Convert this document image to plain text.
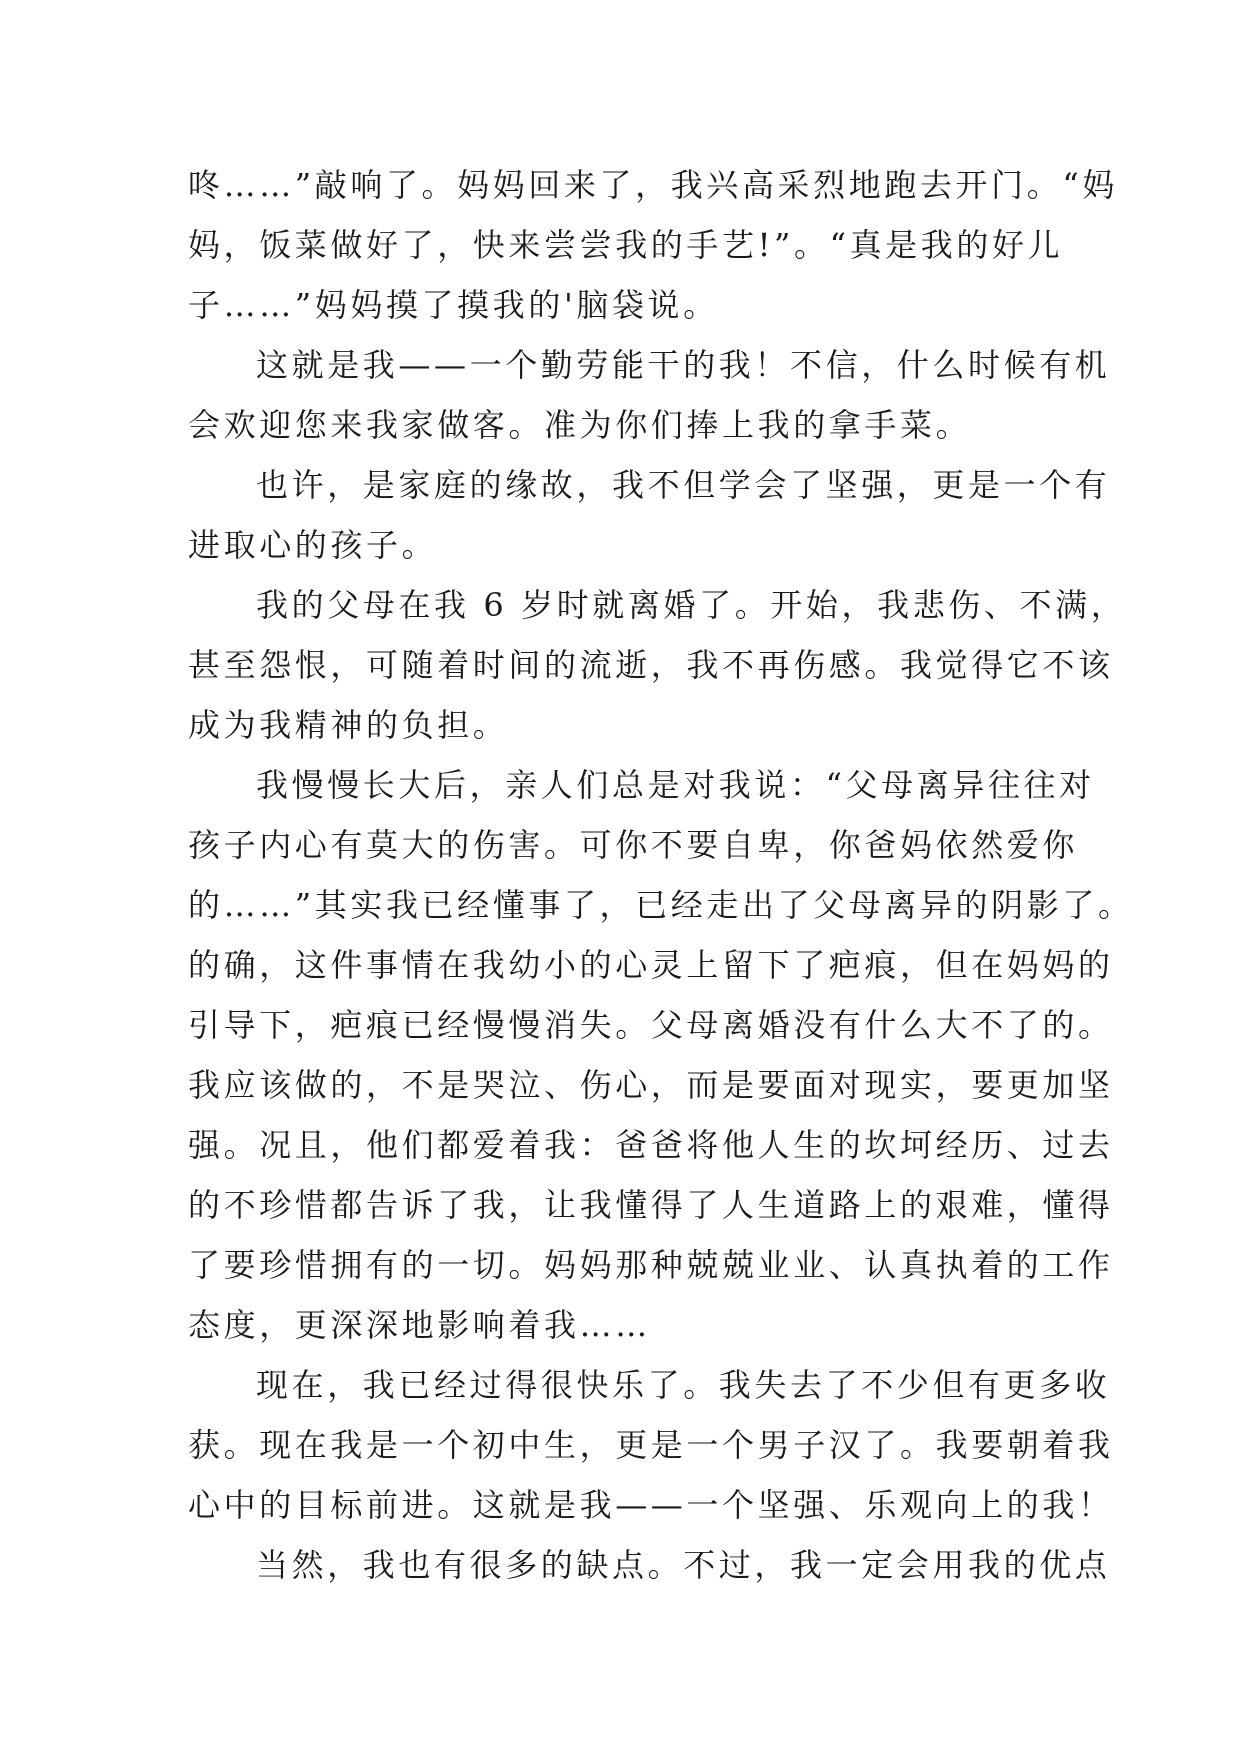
咚……”敲响了。妈妈回来了，我兴高采烈地跑去开门。“妈
妈，饭菜做好了，快来尝尝我的手艺!”。“真是我的好儿
子……”妈妈摸了摸我的'脑袋说。
这就是我——一个勤劳能干的我！不信，什么时候有机
会欢迎您来我家做客。准为你们捧上我的拿手菜。
也许，是家庭的缘故，我不但学会了坚强，更是一个有
进取心的孩子。
我的父母在我 6 岁时就离婚了。开始，我悲伤、不满，
甚至怨恨，可随着时间的流逝，我不再伤感。我觉得它不该
成为我精神的负担。
我慢慢长大后，亲人们总是对我说：“父母离异往往对
孩子内心有莫大的伤害。可你不要自卑，你爸妈依然爱你
的……”其实我已经懂事了，已经走出了父母离异的阴影了。
的确，这件事情在我幼小的心灵上留下了疤痕，但在妈妈的
引导下，疤痕已经慢慢消失。父母离婚没有什么大不了的。
我应该做的，不是哭泣、伤心，而是要面对现实，要更加坚
强。况且，他们都爱着我：爸爸将他人生的坎坷经历、过去
的不珍惜都告诉了我，让我懂得了人生道路上的艰难，懂得
了要珍惜拥有的一切。妈妈那种兢兢业业、认真执着的工作
态度，更深深地影响着我……
现在，我已经过得很快乐了。我失去了不少但有更多收
获。现在我是一个初中生，更是一个男子汉了。我要朝着我
心中的目标前进。这就是我——一个坚强、乐观向上的我！
当然，我也有很多的缺点。不过，我一定会用我的优点
